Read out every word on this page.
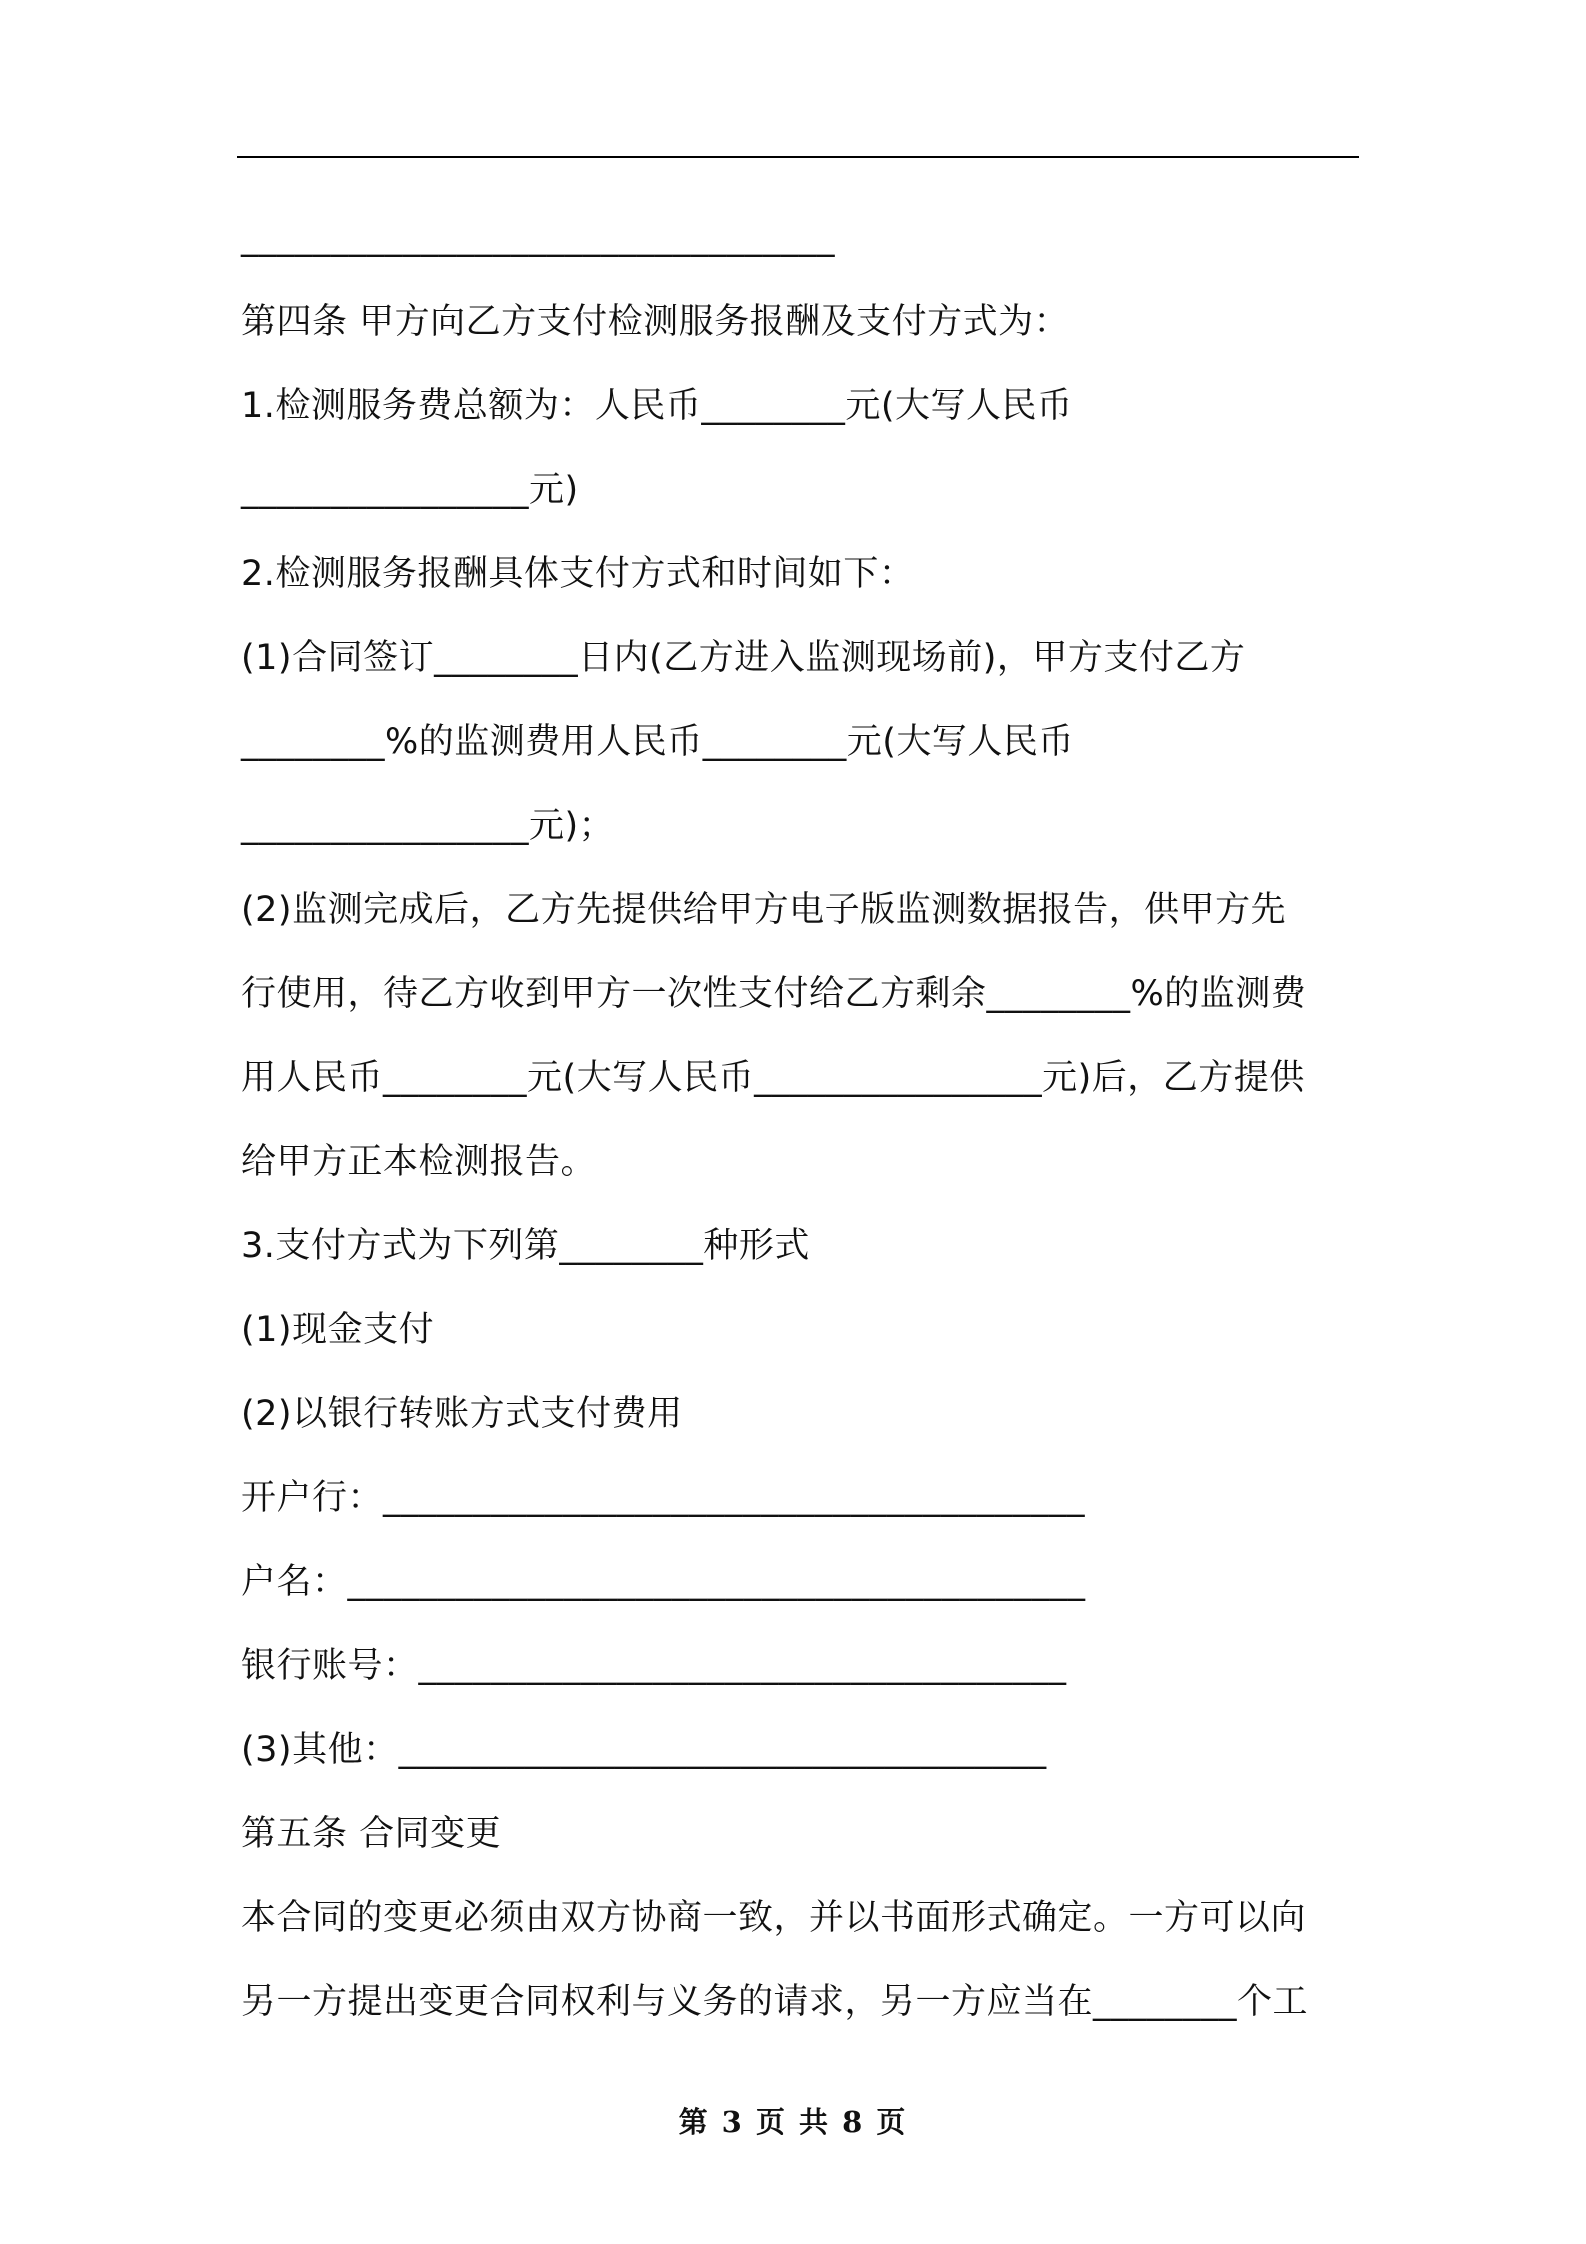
_________________________________
第四条 甲方向乙方支付检测服务报酬及支付方式为：
1.检测服务费总额为：人民币________元(大写人民币
________________元)
2.检测服务报酬具体支付方式和时间如下：
(1)合同签订________日内(乙方进入监测现场前)，甲方支付乙方
________%的监测费用人民币________元(大写人民币
________________元)；
(2)监测完成后，乙方先提供给甲方电子版监测数据报告，供甲方先
行使用，待乙方收到甲方一次性支付给乙方剩余________%的监测费
用人民币________元(大写人民币________________元)后，乙方提供
给甲方正本检测报告。
3.支付方式为下列第________种形式
(1)现金支付
(2)以银行转账方式支付费用
开户行：_______________________________________
户名：_________________________________________
银行账号：____________________________________
(3)其他：____________________________________
第五条 合同变更
本合同的变更必须由双方协商一致，并以书面形式确定。一方可以向
另一方提出变更合同权利与义务的请求，另一方应当在________个工
第 3 页 共 8 页
